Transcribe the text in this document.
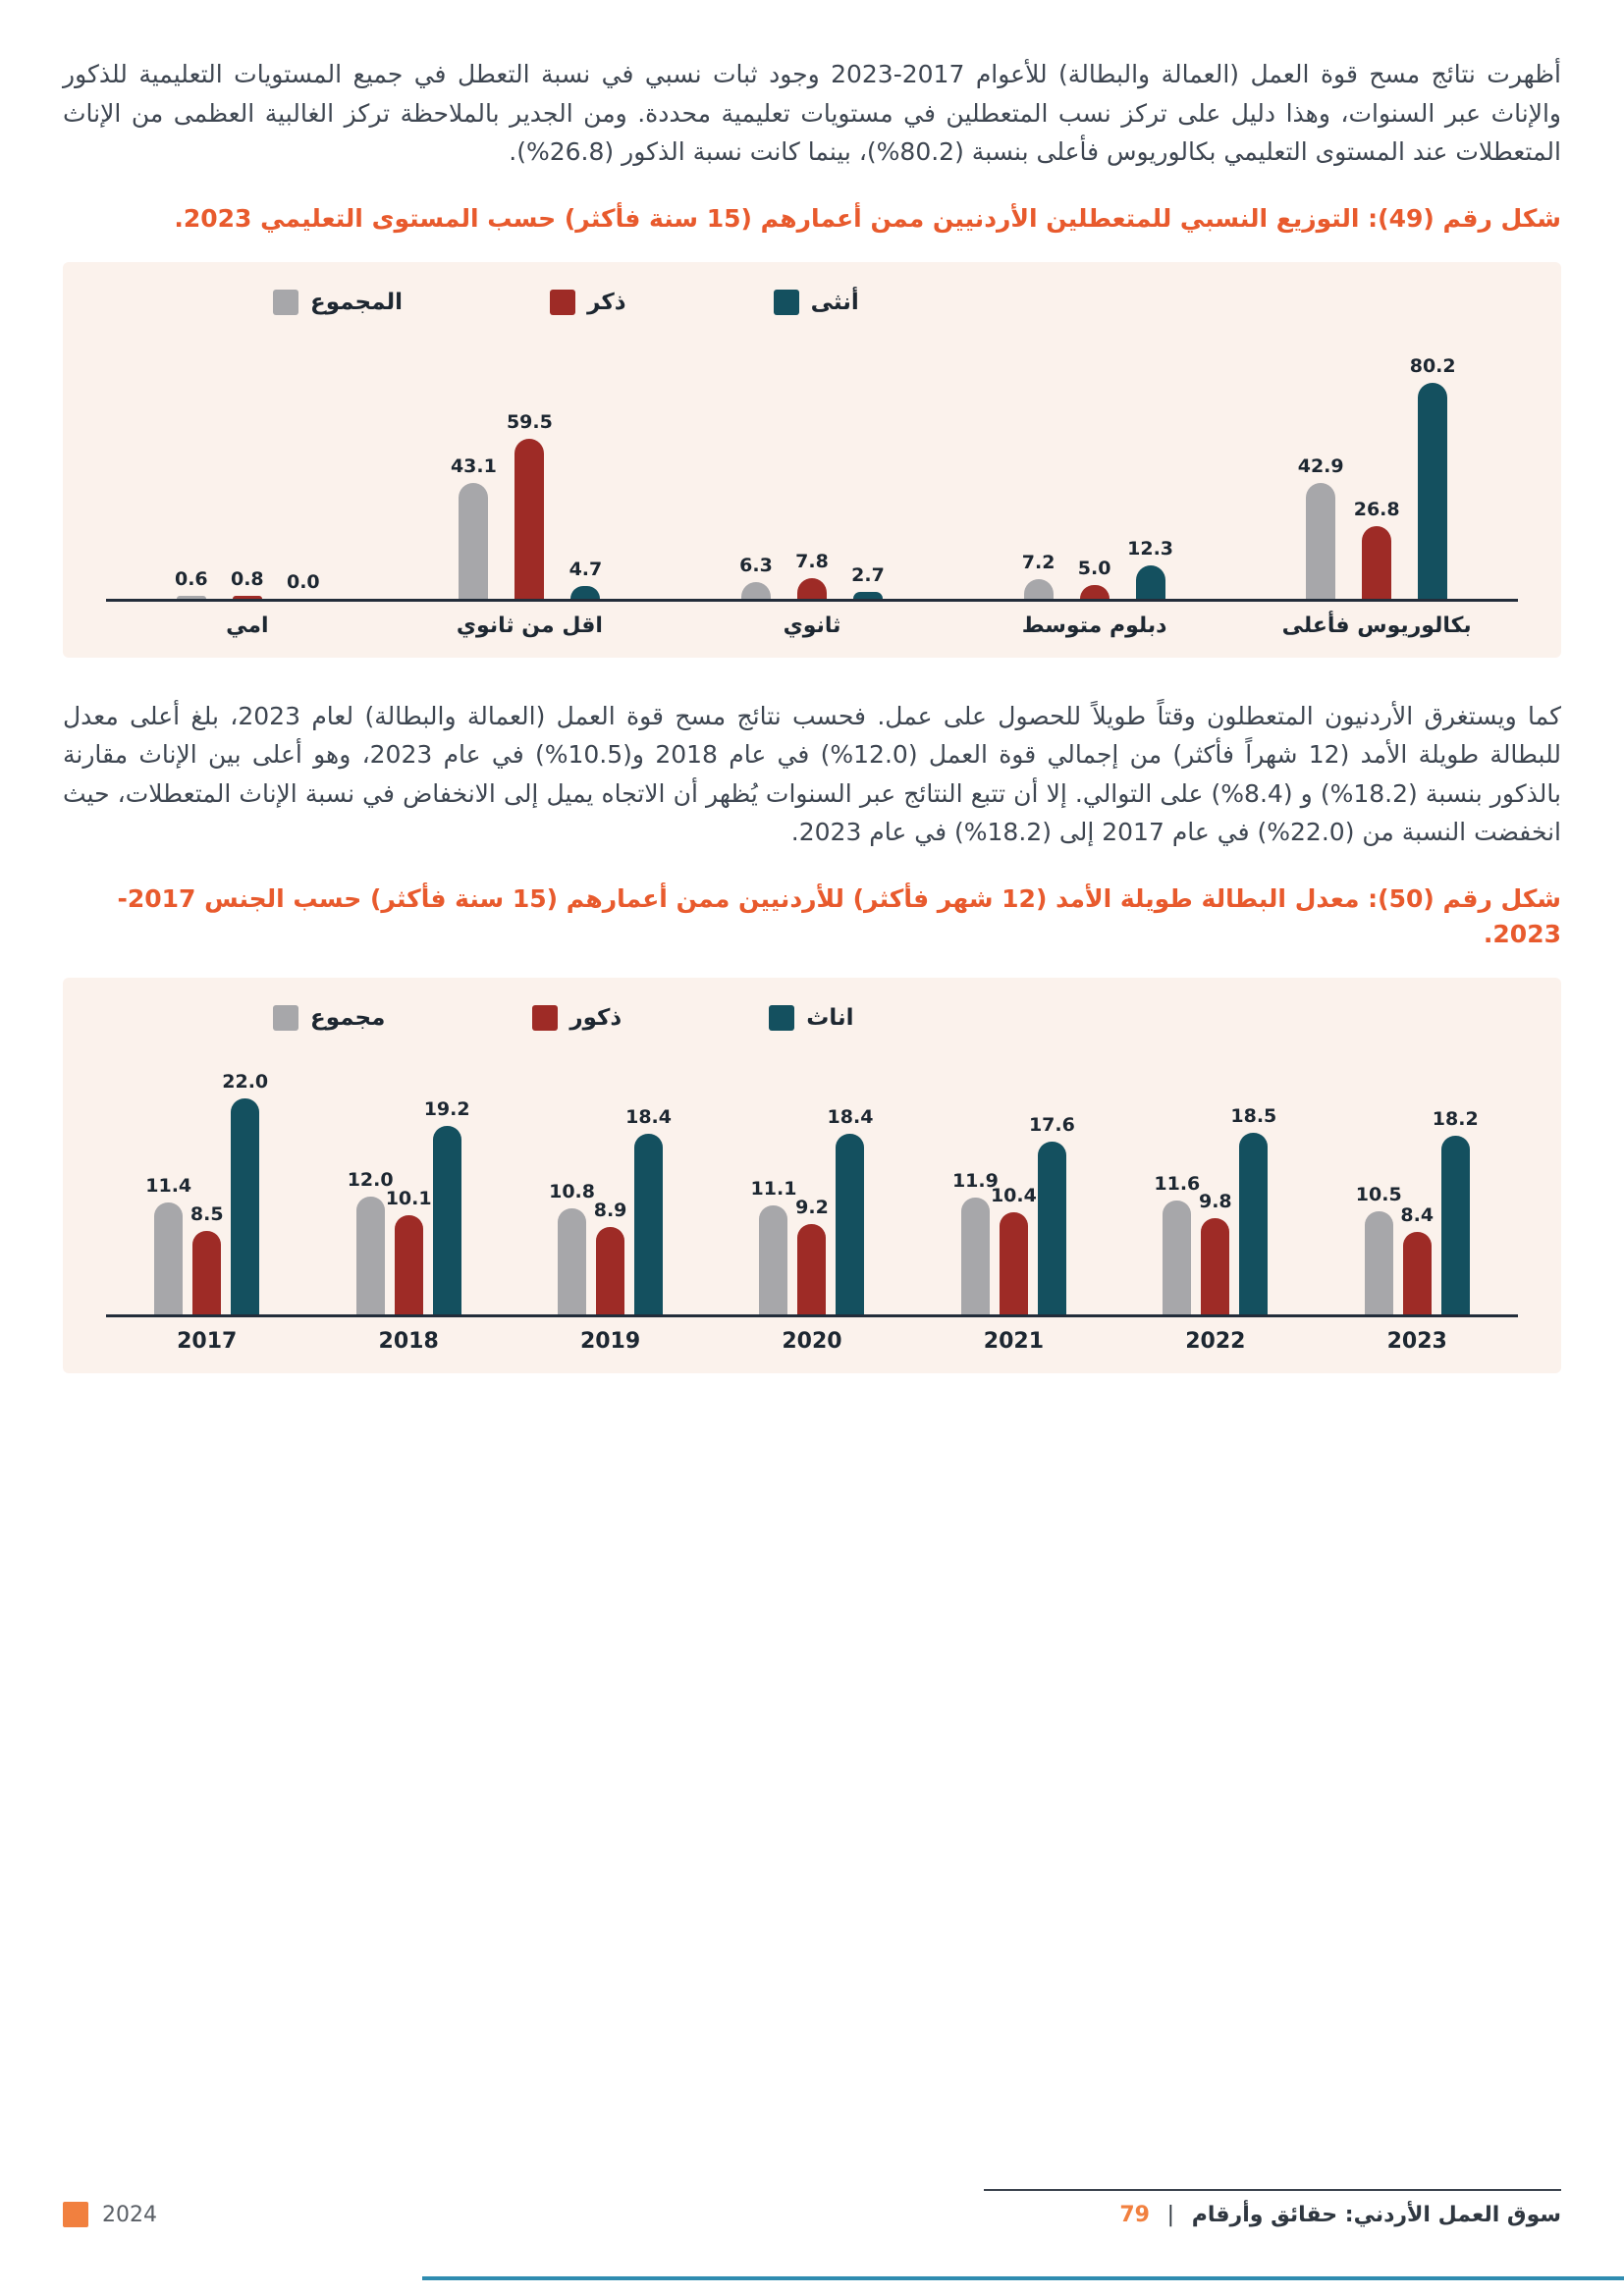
أظهرت نتائج مسح قوة العمل (العمالة والبطالة) للأعوام 2017-2023 وجود ثبات نسبي في نسبة التعطل في جميع المستويات التعليمية للذكور والإناث عبر السنوات، وهذا دليل على تركز نسب المتعطلين في مستويات تعليمية محددة. ومن الجدير بالملاحظة تركز الغالبية العظمى من الإناث المتعطلات عند المستوى التعليمي بكالوريوس فأعلى بنسبة (80.2%)، بينما كانت نسبة الذكور (26.8%).

شكل رقم (49): التوزيع النسبي للمتعطلين الأردنيين ممن أعمارهم (15 سنة فأكثر) حسب المستوى التعليمي 2023.
المجموع	ذكر	أنثى
0.6 0.8 0.0
43.1
59.5
4.7	6.3 7.8
2.7
7.2 5.0
12.3
42.9
26.8
80.2
امي	اقل من ثانوي	ثانوي	دبلوم متوسط	بكالوريوس فأعلى

كما ويستغرق الأردنيون المتعطلون وقتاً طويلاً للحصول على عمل. فحسب نتائج مسح قوة العمل (العمالة والبطالة) لعام 2023، بلغ أعلى معدل للبطالة طويلة الأمد (12 شهراً فأكثر) من إجمالي قوة العمل (12.0%) في عام 2018 و(10.5%) في عام 2023، وهو أعلى بين الإناث مقارنة بالذكور بنسبة (18.2%) و (8.4%) على التوالي. إلا أن تتبع النتائج عبر السنوات يُظهر أن الاتجاه يميل إلى الانخفاض في نسبة الإناث المتعطلات، حيث انخفضت النسبة من (22.0%) في عام 2017 إلى (18.2%) في عام 2023.

شكل رقم (50): معدل البطالة طويلة الأمد (12 شهر فأكثر) للأردنيين ممن أعمارهم (15 سنة فأكثر) حسب الجنس 2017-2023.
مجموع	ذكور	اناث
11.4
8.5
22.0
12.0
10.1
19.2
10.8
8.9
18.4
11.1
9.2
18.4
11.9
10.4
17.6
11.6
9.8
18.5
10.5
8.4
18.2
2017	2018	2019	2020	2021	2022	2023
2024	سوق العمل الأردني: حقائق وأرقام | 79
